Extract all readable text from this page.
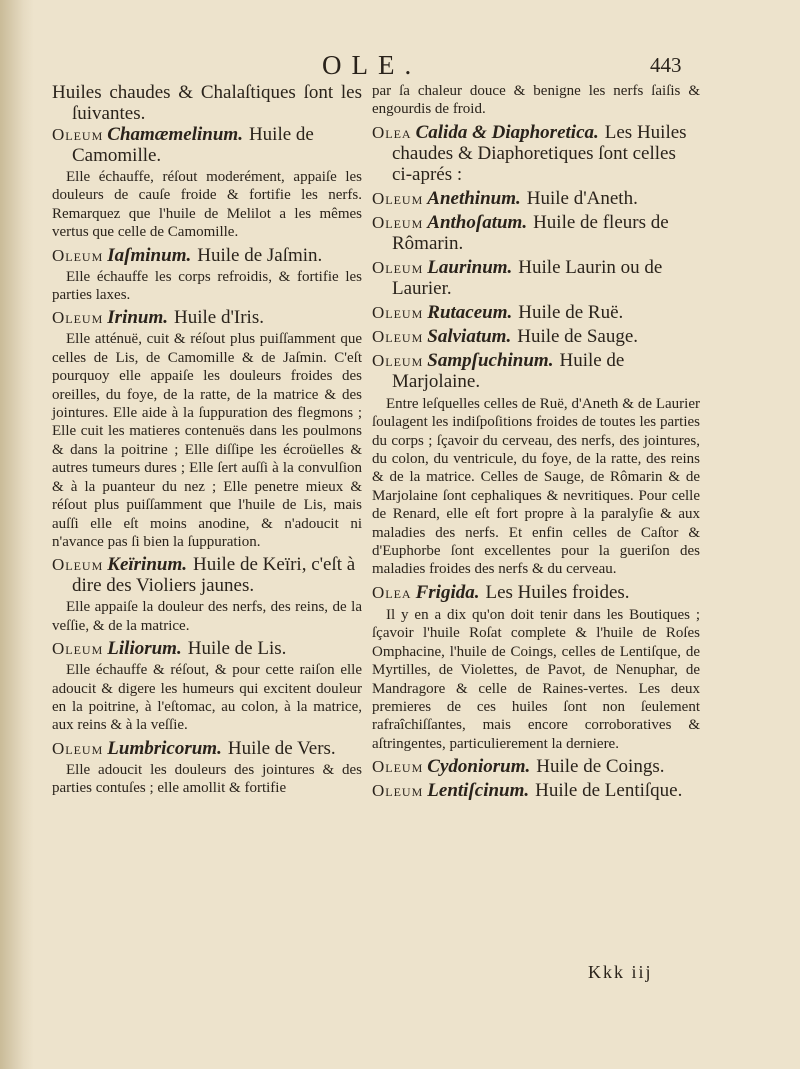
OLE.	443
Huiles chaudes & Chalaſtiques ſont les ſuivantes.
Oleum Chamæmelinum. Huile de Camomille.

Elle échauffe, réſout moderément, appaiſe les douleurs de cauſe froide & fortifie les nerfs. Remarquez que l'huile de Melilot a les mêmes vertus que celle de Camomille.

Oleum Iaſminum. Huile de Jaſmin.

Elle échauffe les corps refroidis, & fortifie les parties laxes.

Oleum Irinum. Huile d'Iris.

Elle atténuë, cuit & réſout plus puiſſamment que celles de Lis, de Camomille & de Jaſmin. C'eſt pourquoy elle appaiſe les douleurs froides des oreilles, du foye, de la ratte, de la matrice & des jointures. Elle aide à la ſuppuration des flegmons ; Elle cuit les matieres contenuës dans les poulmons & dans la poitrine ; Elle diſſipe les écroüelles & autres tumeurs dures ; Elle ſert auſſi à la convulſion & à la puanteur du nez ; Elle penetre mieux & réſout plus puiſſamment que l'huile de Lis, mais auſſi elle eſt moins anodine, & n'adoucit ni n'avance pas ſi bien la ſuppuration.

Oleum Keïrinum. Huile de Keïri, c'eſt à dire des Violiers jaunes.

Elle appaiſe la douleur des nerfs, des reins, de la veſſie, & de la matrice.

Oleum Liliorum. Huile de Lis.

Elle échauffe & réſout, & pour cette raiſon elle adoucit & digere les humeurs qui excitent douleur en la poitrine, à l'eſtomac, au colon, à la matrice, aux reins & à la veſſie.

Oleum Lumbricorum. Huile de Vers.

Elle adoucit les douleurs des jointures & des parties contuſes ; elle amollit & fortifie

par ſa chaleur douce & benigne les nerfs ſaiſis & engourdis de froid.

Olea Calida & Diaphoretica. Les Huiles chaudes & Diaphoretiques ſont celles ci-aprés :
Oleum Anethinum. Huile d'Aneth.
Oleum Anthoſatum. Huile de fleurs de Rômarin.
Oleum Laurinum. Huile Laurin ou de Laurier.
Oleum Rutaceum. Huile de Ruë.
Oleum Salviatum. Huile de Sauge.
Oleum Sampſuchinum. Huile de Marjolaine.

Entre leſquelles celles de Ruë, d'Aneth & de Laurier ſoulagent les indiſpoſitions froides de toutes les parties du corps ; ſçavoir du cerveau, des nerfs, des jointures, du colon, du ventricule, du foye, de la ratte, des reins & de la matrice. Celles de Sauge, de Rômarin & de Marjolaine ſont cephaliques & nevritiques. Pour celle de Renard, elle eſt fort propre à la paralyſie & aux maladies des nerfs. Et enfin celles de Caſtor & d'Euphorbe ſont excellentes pour la gueriſon des maladies froides des nerfs & du cerveau.

Olea Frigida. Les Huiles froides.

Il y en a dix qu'on doit tenir dans les Boutiques ; ſçavoir l'huile Roſat complete & l'huile de Roſes Omphacine, l'huile de Coings, celles de Lentiſque, de Myrtilles, de Violettes, de Pavot, de Nenuphar, de Mandragore & celle de Raines-vertes. Les deux premieres de ces huiles ſont non ſeulement rafraîchiſſantes, mais encore corroboratives & aſtringentes, particulierement la derniere.

Oleum Cydoniorum. Huile de Coings.
Oleum Lentiſcinum. Huile de Lentiſque.
Kkk iij
